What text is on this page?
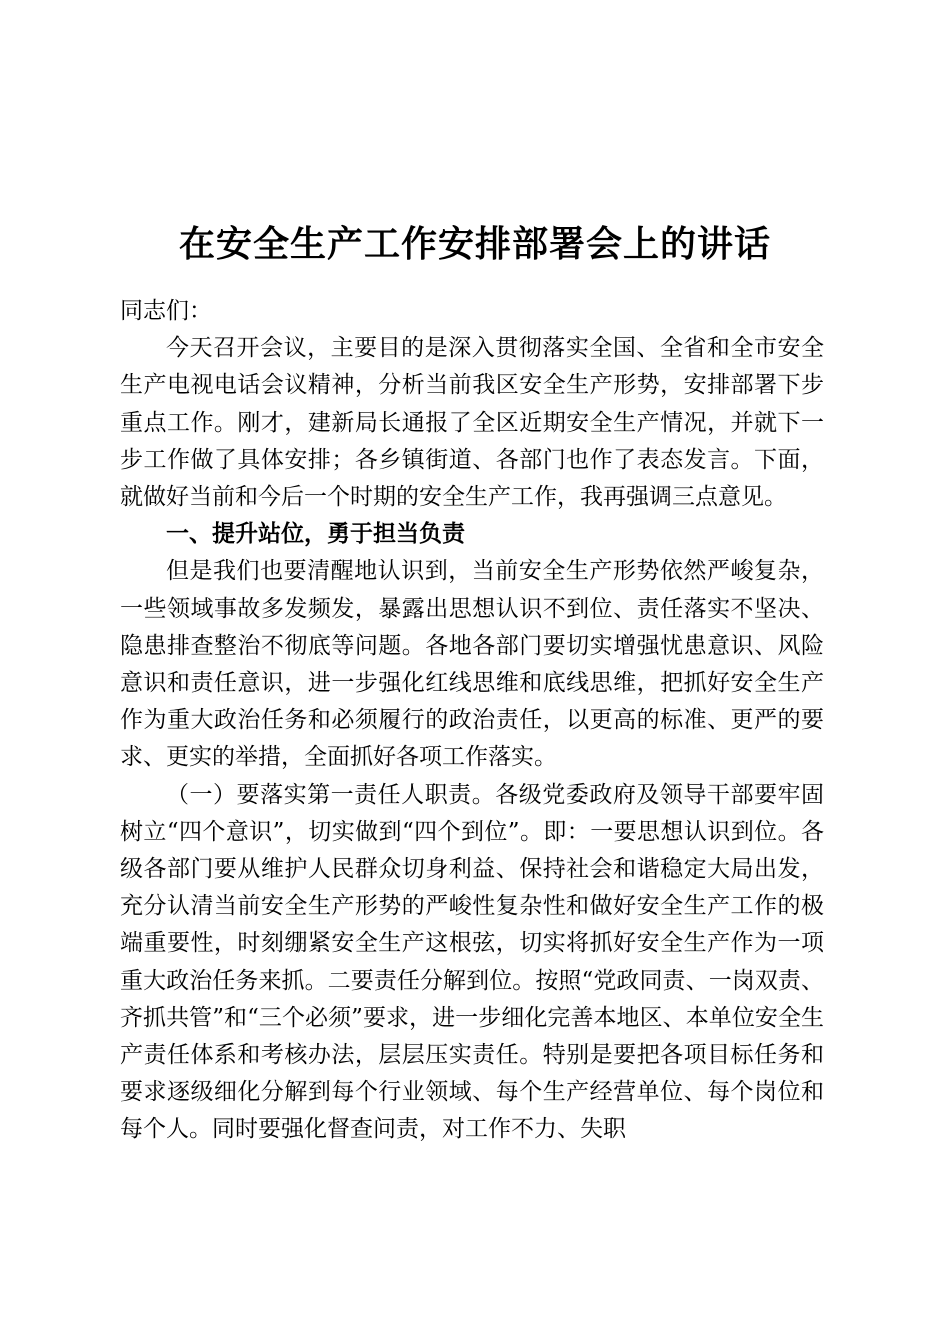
在安全生产工作安排部署会上的讲话

同志们：

今天召开会议，主要目的是深入贯彻落实全国、全省和全市安全生产电视电话会议精神，分析当前我区安全生产形势，安排部署下步重点工作。刚才，建新局长通报了全区近期安全生产情况，并就下一步工作做了具体安排；各乡镇街道、各部门也作了表态发言。下面，就做好当前和今后一个时期的安全生产工作，我再强调三点意见。

一、提升站位，勇于担当负责

但是我们也要清醒地认识到，当前安全生产形势依然严峻复杂，一些领域事故多发频发，暴露出思想认识不到位、责任落实不坚决、隐患排查整治不彻底等问题。各地各部门要切实增强忧患意识、风险意识和责任意识，进一步强化红线思维和底线思维，把抓好安全生产作为重大政治任务和必须履行的政治责任，以更高的标准、更严的要求、更实的举措，全面抓好各项工作落实。

（一）要落实第一责任人职责。各级党委政府及领导干部要牢固树立“四个意识”，切实做到“四个到位”。即：一要思想认识到位。各级各部门要从维护人民群众切身利益、保持社会和谐稳定大局出发，充分认清当前安全生产形势的严峻性复杂性和做好安全生产工作的极端重要性，时刻绷紧安全生产这根弦，切实将抓好安全生产作为一项重大政治任务来抓。二要责任分解到位。按照“党政同责、一岗双责、齐抓共管”和“三个必须”要求，进一步细化完善本地区、本单位安全生产责任体系和考核办法，层层压实责任。特别是要把各项目标任务和要求逐级细化分解到每个行业领域、每个生产经营单位、每个岗位和每个人。同时要强化督查问责，对工作不力、失职
